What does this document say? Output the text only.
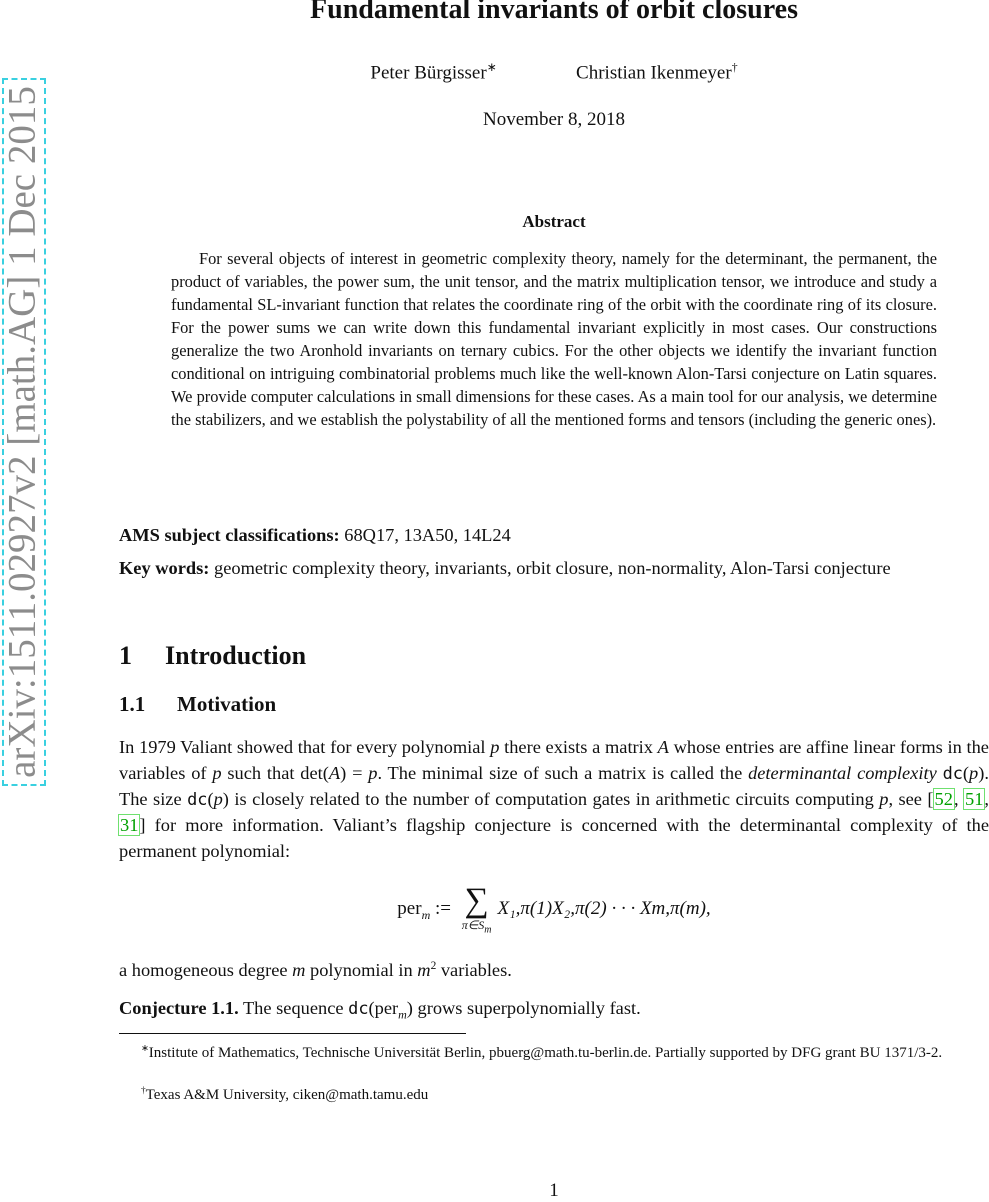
arXiv:1511.02927v2 [math.AG] 1 Dec 2015
Fundamental invariants of orbit closures
Peter Bürgisser∗	Christian Ikenmeyer†
November 8, 2018
Abstract
For several objects of interest in geometric complexity theory, namely for the determinant, the permanent, the product of variables, the power sum, the unit tensor, and the matrix multiplication tensor, we introduce and study a fundamental SL-invariant function that relates the coordinate ring of the orbit with the coordinate ring of its closure. For the power sums we can write down this fundamental invariant explicitly in most cases. Our constructions generalize the two Aronhold invariants on ternary cubics. For the other objects we identify the invariant function conditional on intriguing combinatorial problems much like the well-known Alon-Tarsi conjecture on Latin squares. We provide computer calculations in small dimensions for these cases. As a main tool for our analysis, we determine the stabilizers, and we establish the polystability of all the mentioned forms and tensors (including the generic ones).
AMS subject classifications: 68Q17, 13A50, 14L24
Key words: geometric complexity theory, invariants, orbit closure, non-normality, Alon-Tarsi conjecture
1 Introduction
1.1 Motivation
In 1979 Valiant showed that for every polynomial p there exists a matrix A whose entries are affine linear forms in the variables of p such that det(A) = p. The minimal size of such a matrix is called the determinantal complexity dc(p). The size dc(p) is closely related to the number of computation gates in arithmetic circuits computing p, see [52, 51, 31] for more information. Valiant’s flagship conjecture is concerned with the determinantal complexity of the permanent polynomial:
per$_m$ := ∑
$\pi\in S_m$
X₁,π(1)X₂,π(2) · · · Xm,π(m),
a homogeneous degree m polynomial in $m^2$ variables.
Conjecture 1.1. The sequence dc(per$_m$) grows superpolynomially fast.
∗Institute of Mathematics, Technische Universität Berlin, pbuerg@math.tu-berlin.de. Partially supported by DFG grant BU 1371/3-2.
†Texas A&M University, ciken@math.tamu.edu
1
